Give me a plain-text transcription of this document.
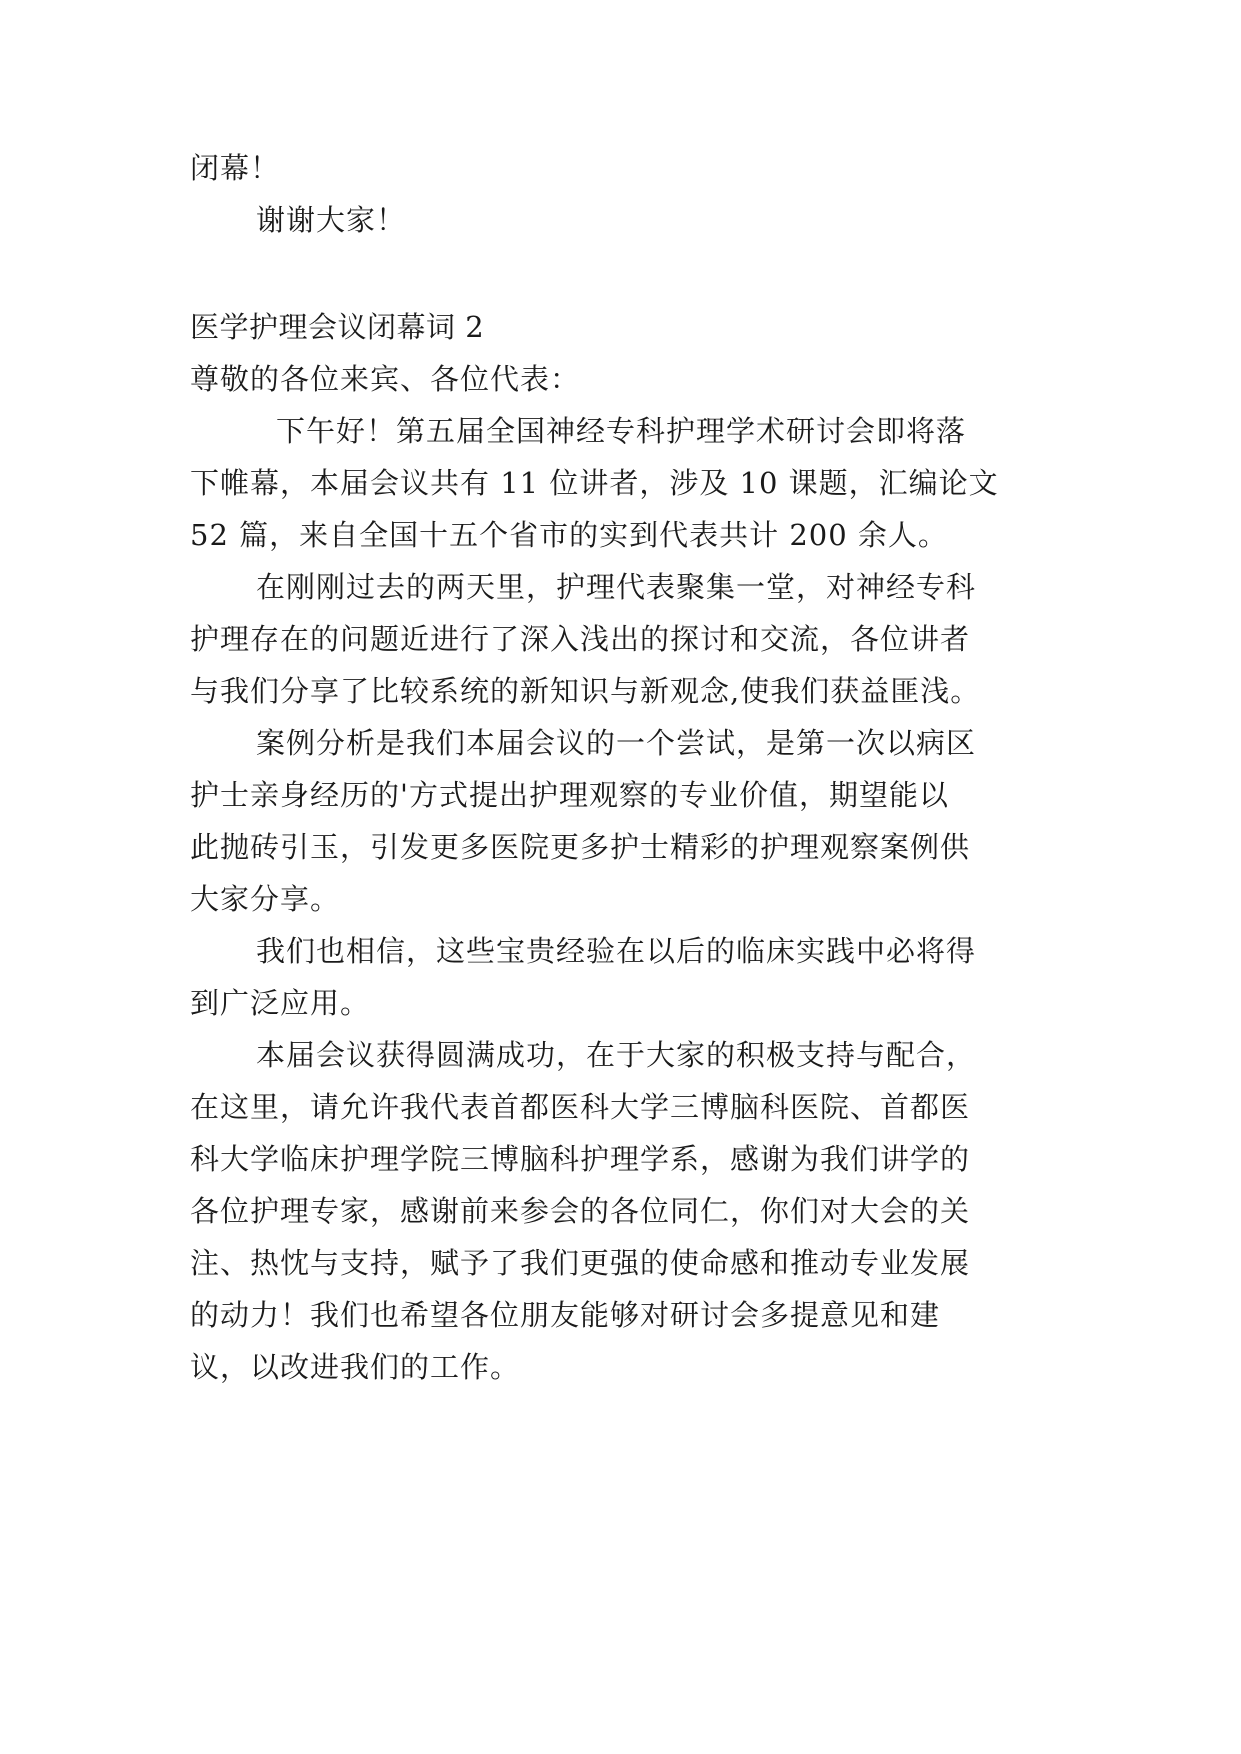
闭幕！

谢谢大家！

医学护理会议闭幕词 2

尊敬的各位来宾、各位代表：

下午好！第五届全国神经专科护理学术研讨会即将落

下帷幕，本届会议共有 11 位讲者，涉及 10 课题，汇编论文

52 篇，来自全国十五个省市的实到代表共计 200 余人。

在刚刚过去的两天里，护理代表聚集一堂，对神经专科

护理存在的问题近进行了深入浅出的探讨和交流，各位讲者

与我们分享了比较系统的新知识与新观念,使我们获益匪浅。

案例分析是我们本届会议的一个尝试，是第一次以病区

护士亲身经历的'方式提出护理观察的专业价值，期望能以

此抛砖引玉，引发更多医院更多护士精彩的护理观察案例供

大家分享。

我们也相信，这些宝贵经验在以后的临床实践中必将得

到广泛应用。

本届会议获得圆满成功，在于大家的积极支持与配合，

在这里，请允许我代表首都医科大学三博脑科医院、首都医

科大学临床护理学院三博脑科护理学系，感谢为我们讲学的

各位护理专家，感谢前来参会的各位同仁，你们对大会的关

注、热忱与支持，赋予了我们更强的使命感和推动专业发展

的动力！我们也希望各位朋友能够对研讨会多提意见和建

议，以改进我们的工作。
